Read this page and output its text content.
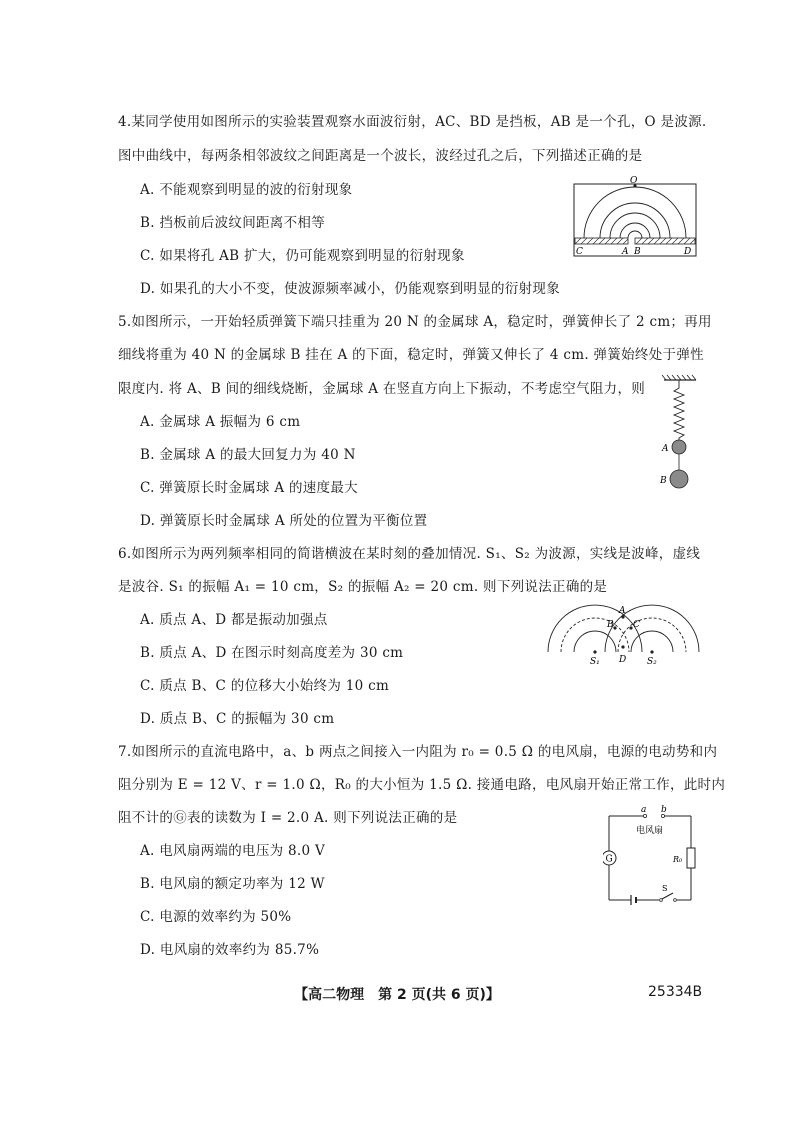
4.某同学使用如图所示的实验装置观察水面波衍射，AC、BD 是挡板，AB 是一个孔，O 是波源.
图中曲线中，每两条相邻波纹之间距离是一个波长，波经过孔之后，下列描述正确的是
A. 不能观察到明显的波的衍射现象
B. 挡板前后波纹间距离不相等
C. 如果将孔 AB 扩大，仍可能观察到明显的衍射现象
D. 如果孔的大小不变，使波源频率减小，仍能观察到明显的衍射现象
O
C	A B	D
5.如图所示，一开始轻质弹簧下端只挂重为 20 N 的金属球 A，稳定时，弹簧伸长了 2 cm；再用
细线将重为 40 N 的金属球 B 挂在 A 的下面，稳定时，弹簧又伸长了 4 cm. 弹簧始终处于弹性
限度内. 将 A、B 间的细线烧断，金属球 A 在竖直方向上下振动，不考虑空气阻力，则
A. 金属球 A 振幅为 6 cm
B. 金属球 A 的最大回复力为 40 N
C. 弹簧原长时金属球 A 的速度最大
D. 弹簧原长时金属球 A 所处的位置为平衡位置
A
B
6.如图所示为两列频率相同的简谐横波在某时刻的叠加情况. S₁、S₂ 为波源，实线是波峰，虚线
是波谷. S₁ 的振幅 A₁ = 10 cm，S₂ 的振幅 A₂ = 20 cm. 则下列说法正确的是
A. 质点 A、D 都是振动加强点
B. 质点 A、D 在图示时刻高度差为 30 cm
C. 质点 B、C 的位移大小始终为 10 cm
D. 质点 B、C 的振幅为 30 cm
A
B C
D
S₁	S₂
7.如图所示的直流电路中，a、b 两点之间接入一内阻为 r₀ = 0.5 Ω 的电风扇，电源的电动势和内
阻分别为 E = 12 V、r = 1.0 Ω，R₀ 的大小恒为 1.5 Ω. 接通电路，电风扇开始正常工作，此时内
阻不计的Ⓖ表的读数为 I = 2.0 A. 则下列说法正确的是
A. 电风扇两端的电压为 8.0 V
B. 电风扇的额定功率为 12 W
C. 电源的效率约为 50%
D. 电风扇的效率约为 85.7%
G
a b
电风扇
R₀
S
【高二物理　第 2 页(共 6 页)】	25334B
